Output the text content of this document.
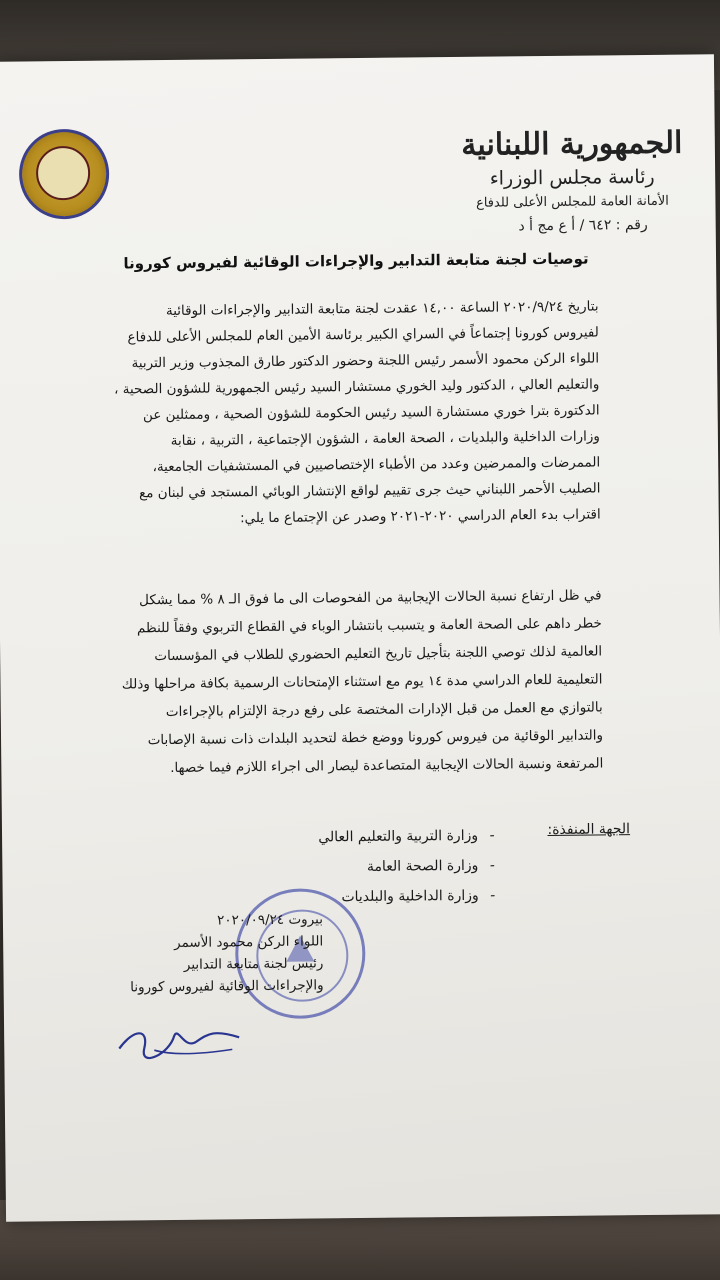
الجمهورية اللبنانية
رئاسة مجلس الوزراء
الأمانة العامة للمجلس الأعلى للدفاع
رقم : ٦٤٢ / أ ع مج أ د
توصيات لجنة متابعة التدابير والإجراءات الوقائية لفيروس كورونا

بتاريخ ٢٠٢٠/٩/٢٤ الساعة ١٤,٠٠ عقدت لجنة متابعة التدابير والإجراءات الوقائية

لفيروس كورونا إجتماعاً في السراي الكبير برئاسة الأمين العام للمجلس الأعلى للدفاع

اللواء الركن محمود الأسمر رئيس اللجنة وحضور الدكتور طارق المجذوب وزير التربية

والتعليم العالي ، الدكتور وليد الخوري مستشار السيد رئيس الجمهورية للشؤون الصحية ،

الدكتورة بترا خوري مستشارة السيد رئيس الحكومة للشؤون الصحية ، وممثلين عن

وزارات الداخلية والبلديات ، الصحة العامة ، الشؤون الإجتماعية ، التربية ، نقابة

الممرضات والممرضين وعدد من الأطباء الإختصاصيين في المستشفيات الجامعية،

الصليب الأحمر اللبناني حيث جرى تقييم لواقع الإنتشار الوبائي المستجد في لبنان مع

اقتراب بدء العام الدراسي ٢٠٢٠-٢٠٢١ وصدر عن الإجتماع ما يلي:

في ظل ارتفاع نسبة الحالات الإيجابية من الفحوصات الى ما فوق الـ ٨ % مما يشكل

خطر داهم على الصحة العامة و يتسبب بانتشار الوباء في القطاع التربوي وفقاً للنظم

العالمية لذلك توصي اللجنة بتأجيل تاريخ التعليم الحضوري للطلاب في المؤسسات

التعليمية للعام الدراسي مدة ١٤ يوم مع استثناء الإمتحانات الرسمية بكافة مراحلها وذلك

بالتوازي مع العمل من قبل الإدارات المختصة على رفع درجة الإلتزام بالإجراءات

والتدابير الوقائية من فيروس كورونا ووضع خطة لتحديد البلدات ذات نسبة الإصابات

المرتفعة ونسبة الحالات الإيجابية المتصاعدة ليصار الى اجراء اللازم فيما خصها.

الجهة المنفذة:
-وزارة التربية والتعليم العالي
-وزارة الصحة العامة
-وزارة الداخلية والبلديات
بيروت ٢٠٢٠/٠٩/٢٤
اللواء الركن محمود الأسمر
رئيس لجنة متابعة التدابير
والإجراءات الوقائية لفيروس كورونا
